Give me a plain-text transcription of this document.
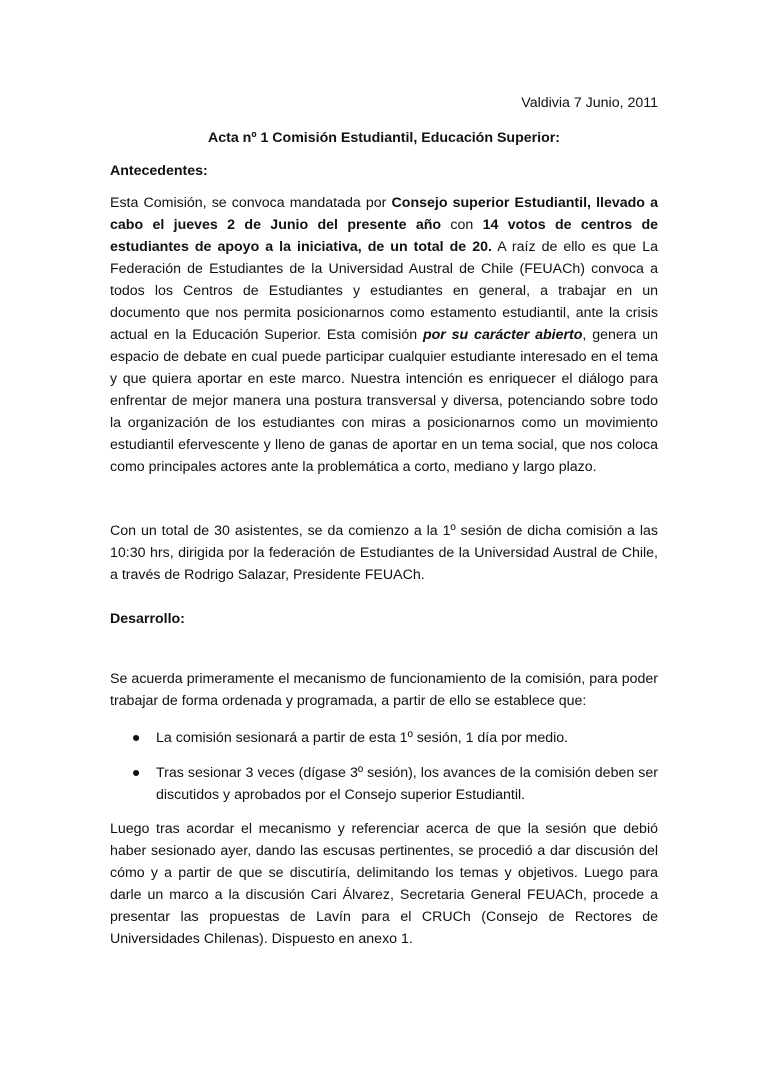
Valdivia 7 Junio, 2011
Acta nº 1 Comisión Estudiantil, Educación Superior:
Antecedentes:

Esta Comisión, se convoca mandatada por Consejo superior Estudiantil, llevado a cabo el jueves 2 de Junio del presente año con 14 votos de centros de estudiantes de apoyo a la iniciativa, de un total de 20. A raíz de ello es que La Federación de Estudiantes de la Universidad Austral de Chile (FEUACh) convoca a todos los Centros de Estudiantes y estudiantes en general, a trabajar en un documento que nos permita posicionarnos como estamento estudiantil, ante la crisis actual en la Educación Superior. Esta comisión por su carácter abierto, genera un espacio de debate en cual puede participar cualquier estudiante interesado en el tema y que quiera aportar en este marco. Nuestra intención es enriquecer el diálogo para enfrentar de mejor manera una postura transversal y diversa, potenciando sobre todo la organización de los estudiantes con miras a posicionarnos como un movimiento estudiantil efervescente y lleno de ganas de aportar en un tema social, que nos coloca como principales actores ante la problemática a corto, mediano y largo plazo.

Con un total de 30 asistentes, se da comienzo a la 1º sesión de dicha comisión a las 10:30 hrs, dirigida por la federación de Estudiantes de la Universidad Austral de Chile, a través de Rodrigo Salazar, Presidente FEUACh.

Desarrollo:

Se acuerda primeramente el mecanismo de funcionamiento de la comisión, para poder trabajar de forma ordenada y programada, a partir de ello se establece que:

●	La comisión sesionará a partir de esta 1º sesión, 1 día por medio.
●	Tras sesionar 3 veces (dígase 3º sesión), los avances de la comisión deben ser discutidos y aprobados por el Consejo superior Estudiantil.

Luego tras acordar el mecanismo y referenciar acerca de que la sesión que debió haber sesionado ayer, dando las escusas pertinentes, se procedió a dar discusión del cómo y a partir de que se discutiría, delimitando los temas y objetivos. Luego para darle un marco a la discusión Cari Álvarez, Secretaria General FEUACh, procede a presentar las propuestas de Lavín para el CRUCh (Consejo de Rectores de Universidades Chilenas). Dispuesto en anexo 1.
